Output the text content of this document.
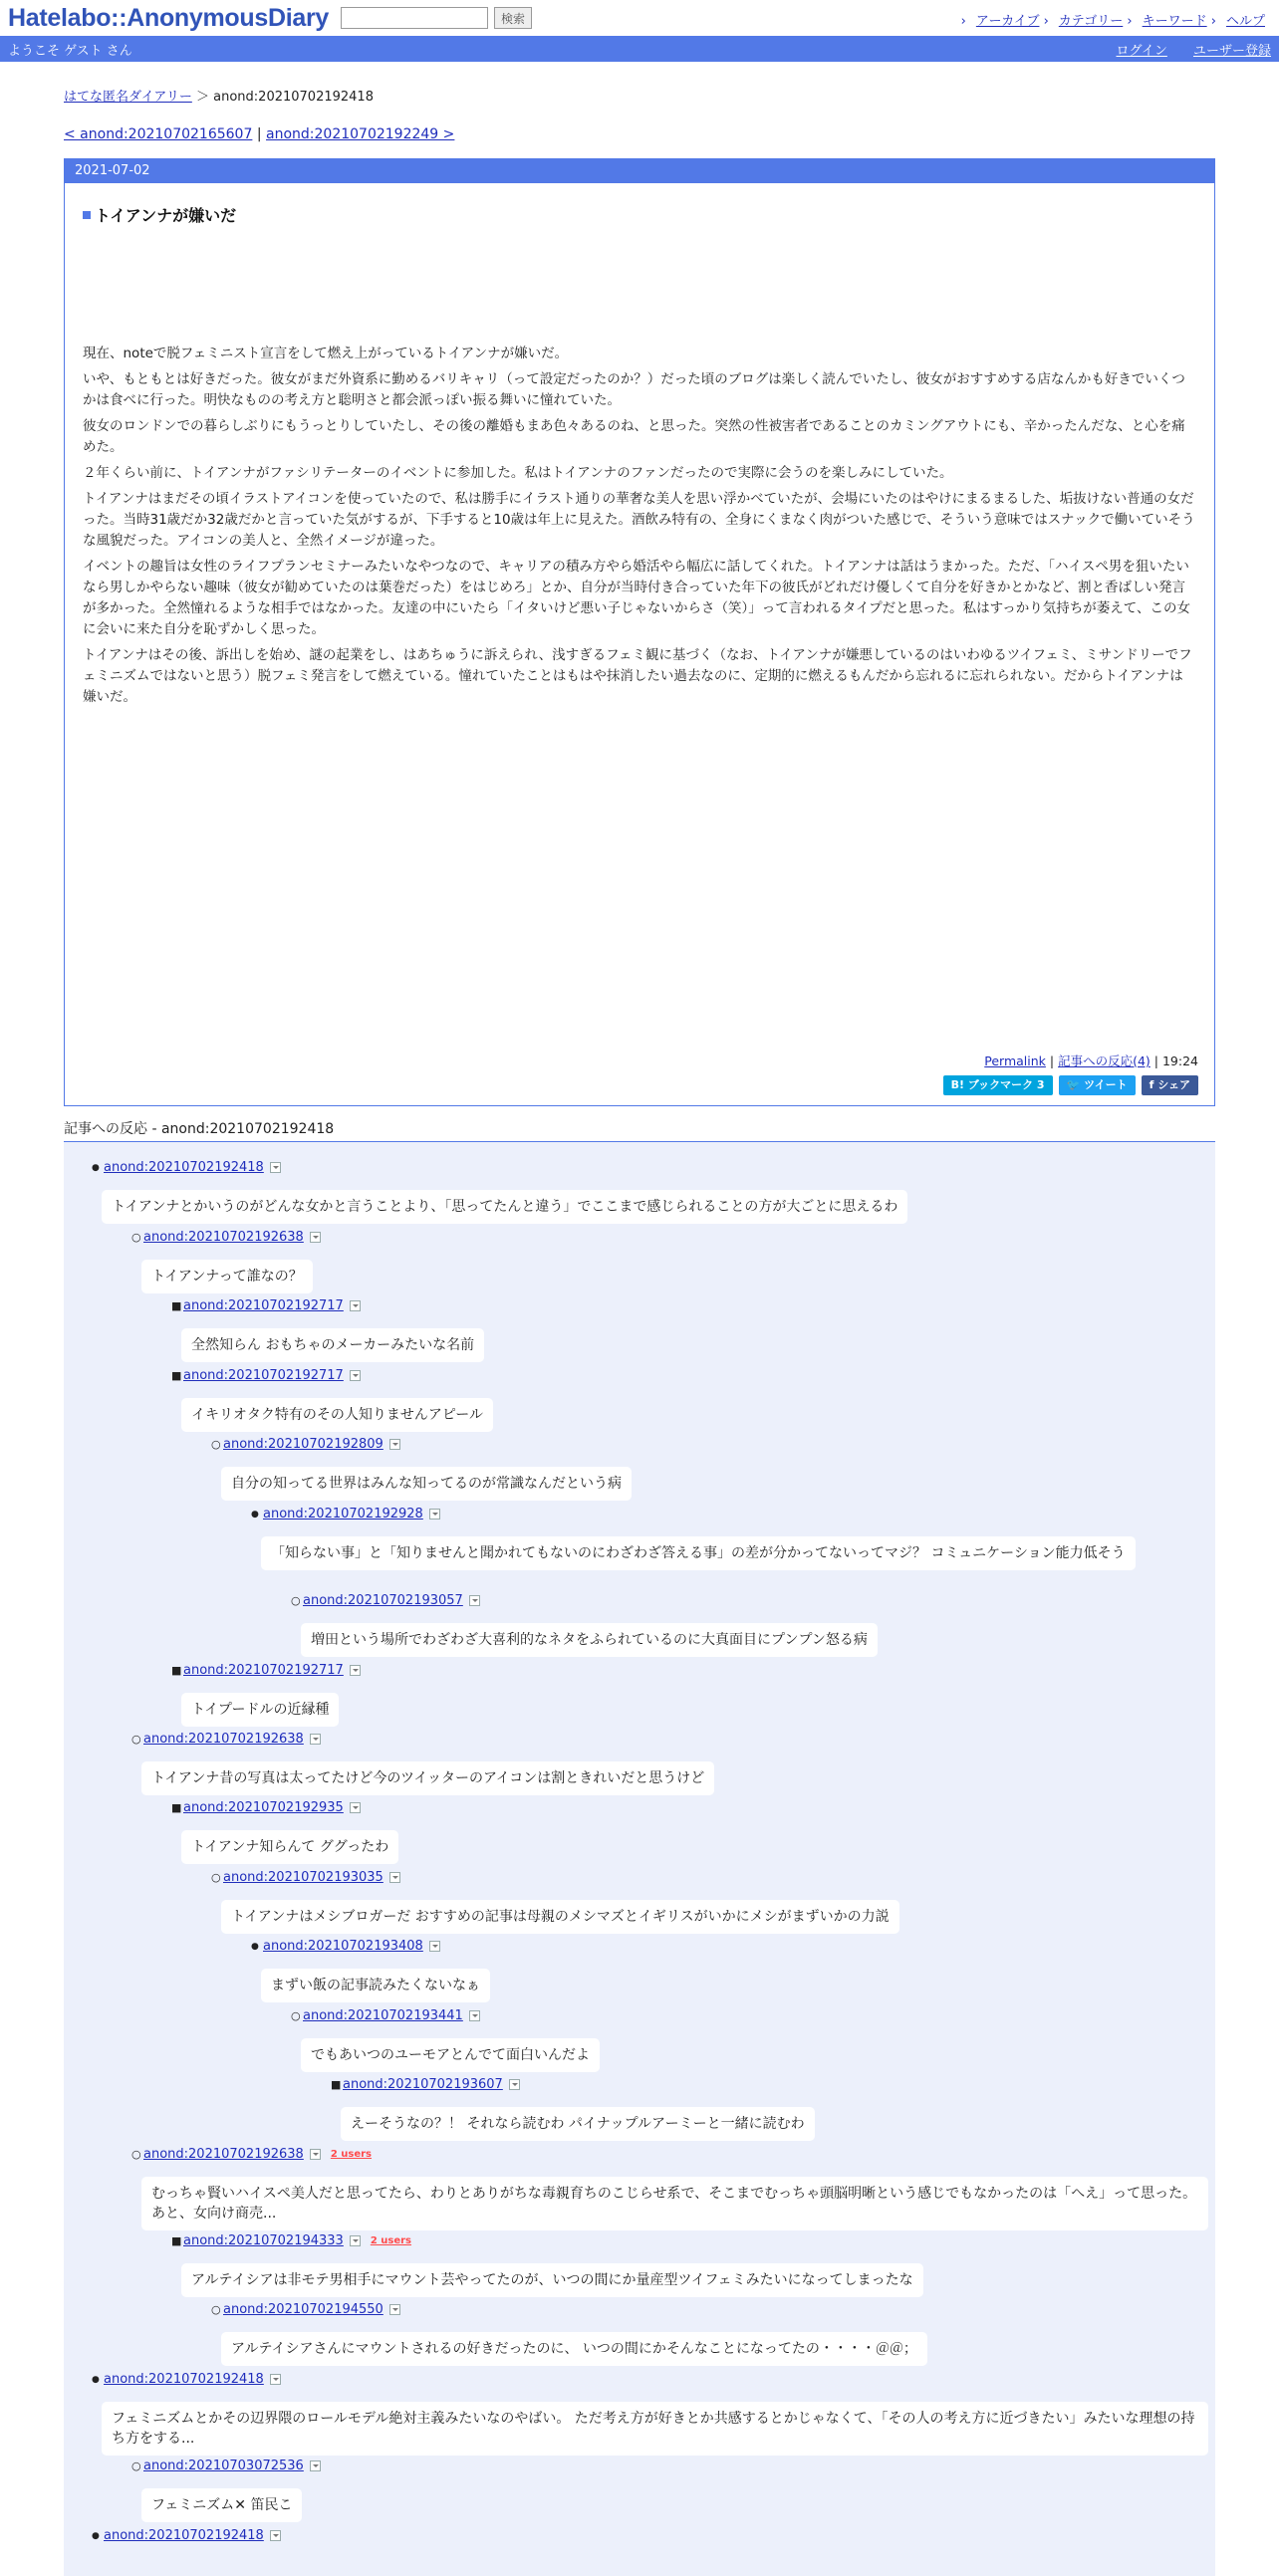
Hatelabo::AnonymousDiary	検索	› アーカイブ › カテゴリー › キーワード › ヘルプ
ようこそ ゲスト さん	ログイン ユーザー登録
はてな匿名ダイアリー ＞ anond:20210702192418
< anond:20210702165607 | anond:20210702192249 >
2021-07-02
トイアンナが嫌いだ

現在、noteで脱フェミニスト宣言をして燃え上がっているトイアンナが嫌いだ。

いや、もともとは好きだった。彼女がまだ外資系に勤めるバリキャリ（って設定だったのか？）だった頃のブログは楽しく読んでいたし、彼女がおすすめする店なんかも好きでいくつかは食べに行った。明快なものの考え方と聡明さと都会派っぽい振る舞いに憧れていた。

彼女のロンドンでの暮らしぶりにもうっとりしていたし、その後の離婚もまあ色々あるのね、と思った。突然の性被害者であることのカミングアウトにも、辛かったんだな、と心を痛めた。

２年くらい前に、トイアンナがファシリテーターのイベントに参加した。私はトイアンナのファンだったので実際に会うのを楽しみにしていた。

トイアンナはまだその頃イラストアイコンを使っていたので、私は勝手にイラスト通りの華奢な美人を思い浮かべていたが、会場にいたのはやけにまるまるした、垢抜けない普通の女だった。当時31歳だか32歳だかと言っていた気がするが、下手すると10歳は年上に見えた。酒飲み特有の、全身にくまなく肉がついた感じで、そういう意味ではスナックで働いていそうな風貌だった。アイコンの美人と、全然イメージが違った。

イベントの趣旨は女性のライフプランセミナーみたいなやつなので、キャリアの積み方やら婚活やら幅広に話してくれた。トイアンナは話はうまかった。ただ、「ハイスペ男を狙いたいなら男しかやらない趣味（彼女が勧めていたのは葉巻だった）をはじめろ」とか、自分が当時付き合っていた年下の彼氏がどれだけ優しくて自分を好きかとかなど、割と香ばしい発言が多かった。全然憧れるような相手ではなかった。友達の中にいたら「イタいけど悪い子じゃないからさ（笑）」って言われるタイプだと思った。私はすっかり気持ちが萎えて、この女に会いに来た自分を恥ずかしく思った。

トイアンナはその後、訴出しを始め、謎の起業をし、はあちゅうに訴えられ、浅すぎるフェミ観に基づく（なお、トイアンナが嫌悪しているのはいわゆるツイフェミ、ミサンドリーでフェミニズムではないと思う）脱フェミ発言をして燃えている。憧れていたことはもはや抹消したい過去なのに、定期的に燃えるもんだから忘れるに忘れられない。だからトイアンナは嫌いだ。

Permalink | 記事への反応(4) | 19:24
B! ブックマーク 3	🐦 ツイート	f シェア
記事への反応 - anond:20210702192418
● anond:20210702192418
トイアンナとかいうのがどんな女かと言うことより、「思ってたんと違う」でここまで感じられることの方が大ごとに思えるわ
○ anond:20210702192638
トイアンナって誰なの？
■ anond:20210702192717
全然知らん おもちゃのメーカーみたいな名前
■ anond:20210702192717
イキリオタク特有のその人知りませんアピール
○ anond:20210702192809
自分の知ってる世界はみんな知ってるのが常識なんだという病
● anond:20210702192928
「知らない事」と「知りませんと聞かれてもないのにわざわざ答える事」の差が分かってないってマジ？ コミュニケーション能力低そう
○ anond:20210702193057
増田という場所でわざわざ大喜利的なネタをふられているのに大真面目にプンプン怒る病
■ anond:20210702192717
トイプードルの近縁種
○ anond:20210702192638
トイアンナ昔の写真は太ってたけど今のツイッターのアイコンは割ときれいだと思うけど
■ anond:20210702192935
トイアンナ知らんて ググったわ
○ anond:20210702193035
トイアンナはメシブロガーだ おすすめの記事は母親のメシマズとイギリスがいかにメシがまずいかの力説
● anond:20210702193408
まずい飯の記事読みたくないなぁ
○ anond:20210702193441
でもあいつのユーモアとんでて面白いんだよ
■ anond:20210702193607
えーそうなの？！ それなら読むわ パイナップルアーミーと一緒に読むわ
○ anond:20210702192638	2 users
むっちゃ賢いハイスペ美人だと思ってたら、わりとありがちな毒親育ちのこじらせ系で、そこまでむっちゃ頭脳明晰という感じでもなかったのは「へえ」って思った。 あと、女向け商売...
■ anond:20210702194333	2 users
アルテイシアは非モテ男相手にマウント芸やってたのが、いつの間にか量産型ツイフェミみたいになってしまったな
○ anond:20210702194550
アルテイシアさんにマウントされるの好きだったのに、 いつの間にかそんなことになってたの・・・・＠＠；
● anond:20210702192418
フェミニズムとかその辺界隈のロールモデル絶対主義みたいなのやばい。 ただ考え方が好きとか共感するとかじゃなくて、「その人の考え方に近づきたい」みたいな理想の持ち方をする...
○ anond:20210703072536
フェミニズム✕ 笛民こ
● anond:20210702192418
